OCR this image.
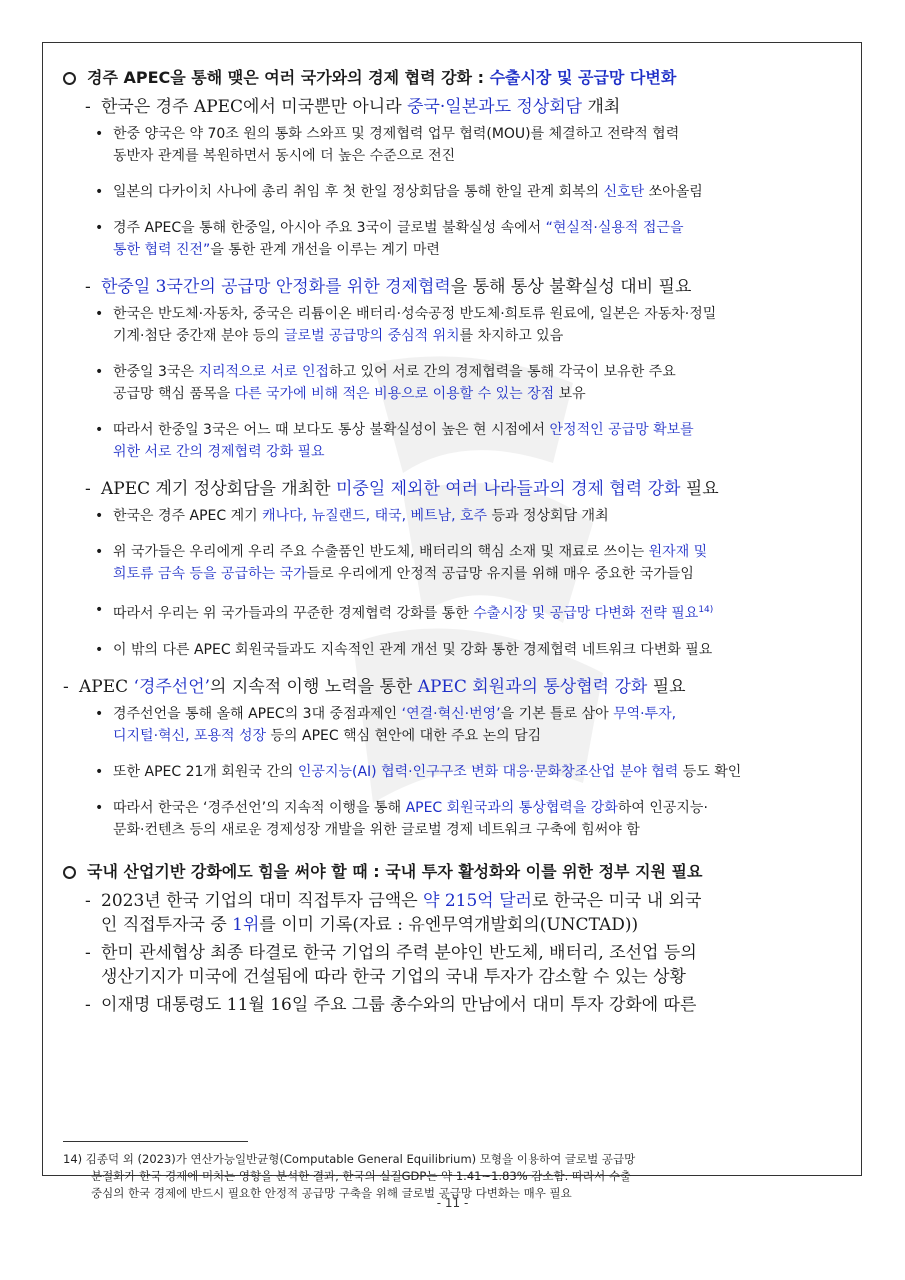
경주 APEC을 통해 맺은 여러 국가와의 경제 협력 강화 : 수출시장 및 공급망 다변화
- 한국은 경주 APEC에서 미국뿐만 아니라 중국·일본과도 정상회담 개최
• 한중 양국은 약 70조 원의 통화 스와프 및 경제협력 업무 협력(MOU)를 체결하고 전략적 협력
동반자 관계를 복원하면서 동시에 더 높은 수준으로 전진
• 일본의 다카이치 사나에 총리 취임 후 첫 한일 정상회담을 통해 한일 관계 회복의 신호탄 쏘아올림
• 경주 APEC을 통해 한중일, 아시아 주요 3국이 글로벌 불확실성 속에서 “현실적·실용적 접근을
통한 협력 진전”을 통한 관계 개선을 이루는 계기 마련
- 한중일 3국간의 공급망 안정화를 위한 경제협력을 통해 통상 불확실성 대비 필요
• 한국은 반도체·자동차, 중국은 리튬이온 배터리·성숙공정 반도체·희토류 원료에, 일본은 자동차·정밀
기계·첨단 중간재 분야 등의 글로벌 공급망의 중심적 위치를 차지하고 있음
• 한중일 3국은 지리적으로 서로 인접하고 있어 서로 간의 경제협력을 통해 각국이 보유한 주요
공급망 핵심 품목을 다른 국가에 비해 적은 비용으로 이용할 수 있는 장점 보유
• 따라서 한중일 3국은 어느 때 보다도 통상 불확실성이 높은 현 시점에서 안정적인 공급망 확보를
위한 서로 간의 경제협력 강화 필요
- APEC 계기 정상회담을 개최한 미중일 제외한 여러 나라들과의 경제 협력 강화 필요
• 한국은 경주 APEC 계기 캐나다, 뉴질랜드, 태국, 베트남, 호주 등과 정상회담 개최
• 위 국가들은 우리에게 우리 주요 수출품인 반도체, 배터리의 핵심 소재 및 재료로 쓰이는 원자재 및
희토류 금속 등을 공급하는 국가들로 우리에게 안정적 공급망 유지를 위해 매우 중요한 국가들임
• 따라서 우리는 위 국가들과의 꾸준한 경제협력 강화를 통한 수출시장 및 공급망 다변화 전략 필요$^{14)}$
• 이 밖의 다른 APEC 회원국들과도 지속적인 관계 개선 및 강화 통한 경제협력 네트워크 다변화 필요
- APEC ‘경주선언’의 지속적 이행 노력을 통한 APEC 회원과의 통상협력 강화 필요
• 경주선언을 통해 올해 APEC의 3대 중점과제인 ‘연결·혁신·번영’을 기본 틀로 삼아 무역·투자,
디지털·혁신, 포용적 성장 등의 APEC 핵심 현안에 대한 주요 논의 담김
• 또한 APEC 21개 회원국 간의 인공지능(AI) 협력·인구구조 변화 대응·문화창조산업 분야 협력 등도 확인
• 따라서 한국은 ‘경주선언’의 지속적 이행을 통해 APEC 회원국과의 통상협력을 강화하여 인공지능·
문화·컨텐츠 등의 새로운 경제성장 개발을 위한 글로벌 경제 네트워크 구축에 힘써야 함
국내 산업기반 강화에도 힘을 써야 할 때 : 국내 투자 활성화와 이를 위한 정부 지원 필요
- 2023년 한국 기업의 대미 직접투자 금액은 약 215억 달러로 한국은 미국 내 외국
인 직접투자국 중 1위를 이미 기록(자료 : 유엔무역개발회의(UNCTAD))
- 한미 관세협상 최종 타결로 한국 기업의 주력 분야인 반도체, 배터리, 조선업 등의
생산기지가 미국에 건설됨에 따라 한국 기업의 국내 투자가 감소할 수 있는 상황
- 이재명 대통령도 11월 16일 주요 그룹 총수와의 만남에서 대미 투자 강화에 따른
14) 김종덕 외 (2023)가 연산가능일반균형(Computable General Equilibrium) 모형을 이용하여 글로벌 공급망
분절화가 한국 경제에 미치는 영향을 분석한 결과, 한국의 실질GDP는 약 1.41~1.83% 감소함. 따라서 수출
중심의 한국 경제에 반드시 필요한 안정적 공급망 구축을 위해 글로벌 공급망 다변화는 매우 필요
- 11 -
